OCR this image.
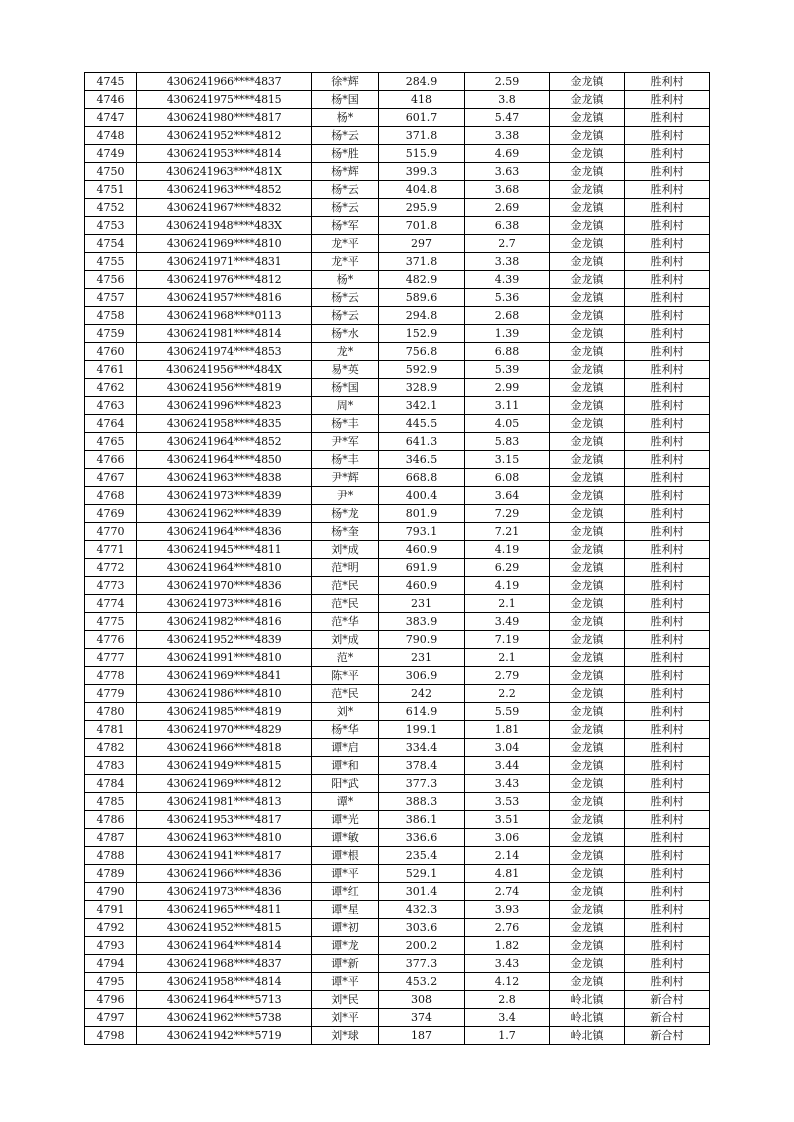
4745	4306241966****4837	徐*辉	284.9	2.59	金龙镇	胜利村
4746	4306241975****4815	杨*国	418	3.8	金龙镇	胜利村
4747	4306241980****4817	杨*	601.7	5.47	金龙镇	胜利村
4748	4306241952****4812	杨*云	371.8	3.38	金龙镇	胜利村
4749	4306241953****4814	杨*胜	515.9	4.69	金龙镇	胜利村
4750	4306241963****481X	杨*辉	399.3	3.63	金龙镇	胜利村
4751	4306241963****4852	杨*云	404.8	3.68	金龙镇	胜利村
4752	4306241967****4832	杨*云	295.9	2.69	金龙镇	胜利村
4753	4306241948****483X	杨*军	701.8	6.38	金龙镇	胜利村
4754	4306241969****4810	龙*平	297	2.7	金龙镇	胜利村
4755	4306241971****4831	龙*平	371.8	3.38	金龙镇	胜利村
4756	4306241976****4812	杨*	482.9	4.39	金龙镇	胜利村
4757	4306241957****4816	杨*云	589.6	5.36	金龙镇	胜利村
4758	4306241968****0113	杨*云	294.8	2.68	金龙镇	胜利村
4759	4306241981****4814	杨*水	152.9	1.39	金龙镇	胜利村
4760	4306241974****4853	龙*	756.8	6.88	金龙镇	胜利村
4761	4306241956****484X	易*英	592.9	5.39	金龙镇	胜利村
4762	4306241956****4819	杨*国	328.9	2.99	金龙镇	胜利村
4763	4306241996****4823	周*	342.1	3.11	金龙镇	胜利村
4764	4306241958****4835	杨*丰	445.5	4.05	金龙镇	胜利村
4765	4306241964****4852	尹*军	641.3	5.83	金龙镇	胜利村
4766	4306241964****4850	杨*丰	346.5	3.15	金龙镇	胜利村
4767	4306241963****4838	尹*辉	668.8	6.08	金龙镇	胜利村
4768	4306241973****4839	尹*	400.4	3.64	金龙镇	胜利村
4769	4306241962****4839	杨*龙	801.9	7.29	金龙镇	胜利村
4770	4306241964****4836	杨*奎	793.1	7.21	金龙镇	胜利村
4771	4306241945****4811	刘*成	460.9	4.19	金龙镇	胜利村
4772	4306241964****4810	范*明	691.9	6.29	金龙镇	胜利村
4773	4306241970****4836	范*民	460.9	4.19	金龙镇	胜利村
4774	4306241973****4816	范*民	231	2.1	金龙镇	胜利村
4775	4306241982****4816	范*华	383.9	3.49	金龙镇	胜利村
4776	4306241952****4839	刘*成	790.9	7.19	金龙镇	胜利村
4777	4306241991****4810	范*	231	2.1	金龙镇	胜利村
4778	4306241969****4841	陈*平	306.9	2.79	金龙镇	胜利村
4779	4306241986****4810	范*民	242	2.2	金龙镇	胜利村
4780	4306241985****4819	刘*	614.9	5.59	金龙镇	胜利村
4781	4306241970****4829	杨*华	199.1	1.81	金龙镇	胜利村
4782	4306241966****4818	谭*启	334.4	3.04	金龙镇	胜利村
4783	4306241949****4815	谭*和	378.4	3.44	金龙镇	胜利村
4784	4306241969****4812	阳*武	377.3	3.43	金龙镇	胜利村
4785	4306241981****4813	谭*	388.3	3.53	金龙镇	胜利村
4786	4306241953****4817	谭*光	386.1	3.51	金龙镇	胜利村
4787	4306241963****4810	谭*敏	336.6	3.06	金龙镇	胜利村
4788	4306241941****4817	谭*根	235.4	2.14	金龙镇	胜利村
4789	4306241966****4836	谭*平	529.1	4.81	金龙镇	胜利村
4790	4306241973****4836	谭*红	301.4	2.74	金龙镇	胜利村
4791	4306241965****4811	谭*星	432.3	3.93	金龙镇	胜利村
4792	4306241952****4815	谭*初	303.6	2.76	金龙镇	胜利村
4793	4306241964****4814	谭*龙	200.2	1.82	金龙镇	胜利村
4794	4306241968****4837	谭*新	377.3	3.43	金龙镇	胜利村
4795	4306241958****4814	谭*平	453.2	4.12	金龙镇	胜利村
4796	4306241964****5713	刘*民	308	2.8	岭北镇	新合村
4797	4306241962****5738	刘*平	374	3.4	岭北镇	新合村
4798	4306241942****5719	刘*球	187	1.7	岭北镇	新合村
